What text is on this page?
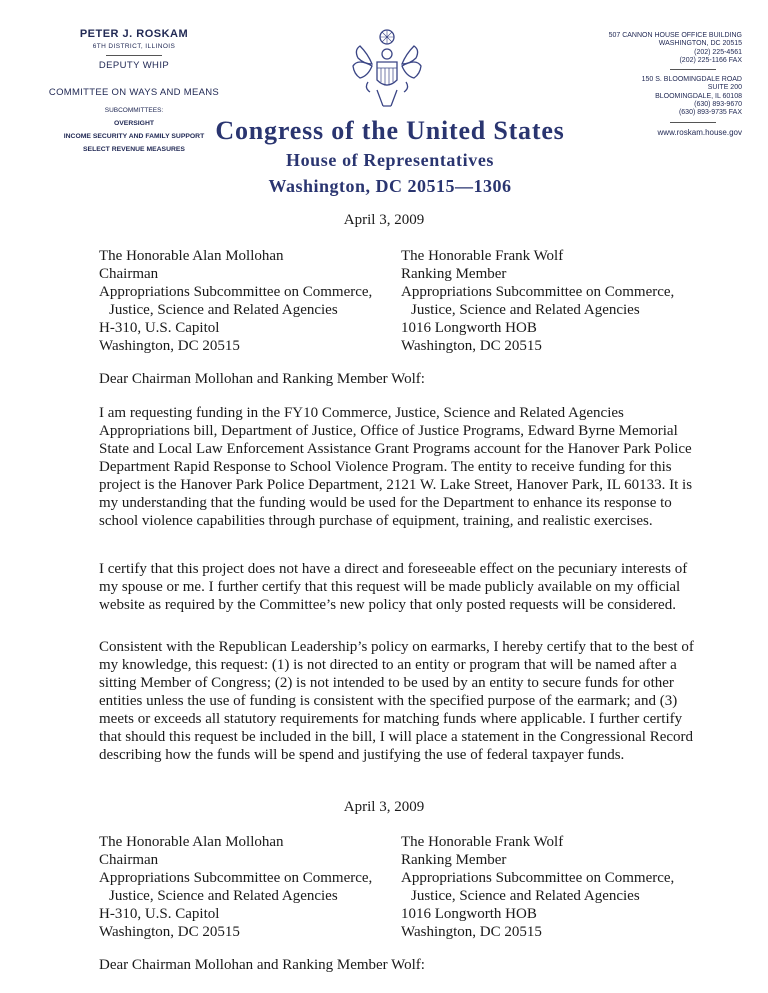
PETER J. ROSKAM
6TH DISTRICT, ILLINOIS
DEPUTY WHIP
COMMITTEE ON WAYS AND MEANS
SUBCOMMITTEES:
OVERSIGHT
INCOME SECURITY AND FAMILY SUPPORT
SELECT REVENUE MEASURES
507 CANNON HOUSE OFFICE BUILDING
WASHINGTON, DC 20515
(202) 225-4561
(202) 225-1166 FAX
150 S. BLOOMINGDALE ROAD
SUITE 200
BLOOMINGDALE, IL 60108
(630) 893-9670
(630) 893-9735 FAX
www.roskam.house.gov
Congress of the United States
House of Representatives
Washington, DC 20515—1306
April 3, 2009
The Honorable Alan Mollohan
Chairman
Appropriations Subcommittee on Commerce,
Justice, Science and Related Agencies
H-310, U.S. Capitol
Washington, DC 20515
The Honorable Frank Wolf
Ranking Member
Appropriations Subcommittee on Commerce,
Justice, Science and Related Agencies
1016 Longworth HOB
Washington, DC 20515
Dear Chairman Mollohan and Ranking Member Wolf:
I am requesting funding in the FY10 Commerce, Justice, Science and Related Agencies Appropriations bill, Department of Justice, Office of Justice Programs, Edward Byrne Memorial State and Local Law Enforcement Assistance Grant Programs account for the Hanover Park Police Department Rapid Response to School Violence Program. The entity to receive funding for this project is the Hanover Park Police Department, 2121 W. Lake Street, Hanover Park, IL 60133. It is my understanding that the funding would be used for the Department to enhance its response to school violence capabilities through purchase of equipment, training, and realistic exercises.
I certify that this project does not have a direct and foreseeable effect on the pecuniary interests of my spouse or me. I further certify that this request will be made publicly available on my official website as required by the Committee’s new policy that only posted requests will be considered.
Consistent with the Republican Leadership’s policy on earmarks, I hereby certify that to the best of my knowledge, this request: (1) is not directed to an entity or program that will be named after a sitting Member of Congress; (2) is not intended to be used by an entity to secure funds for other entities unless the use of funding is consistent with the specified purpose of the earmark; and (3) meets or exceeds all statutory requirements for matching funds where applicable. I further certify that should this request be included in the bill, I will place a statement in the Congressional Record describing how the funds will be spend and justifying the use of federal taxpayer funds.
April 3, 2009
The Honorable Alan Mollohan
Chairman
Appropriations Subcommittee on Commerce,
Justice, Science and Related Agencies
H-310, U.S. Capitol
Washington, DC 20515
The Honorable Frank Wolf
Ranking Member
Appropriations Subcommittee on Commerce,
Justice, Science and Related Agencies
1016 Longworth HOB
Washington, DC 20515
Dear Chairman Mollohan and Ranking Member Wolf:
